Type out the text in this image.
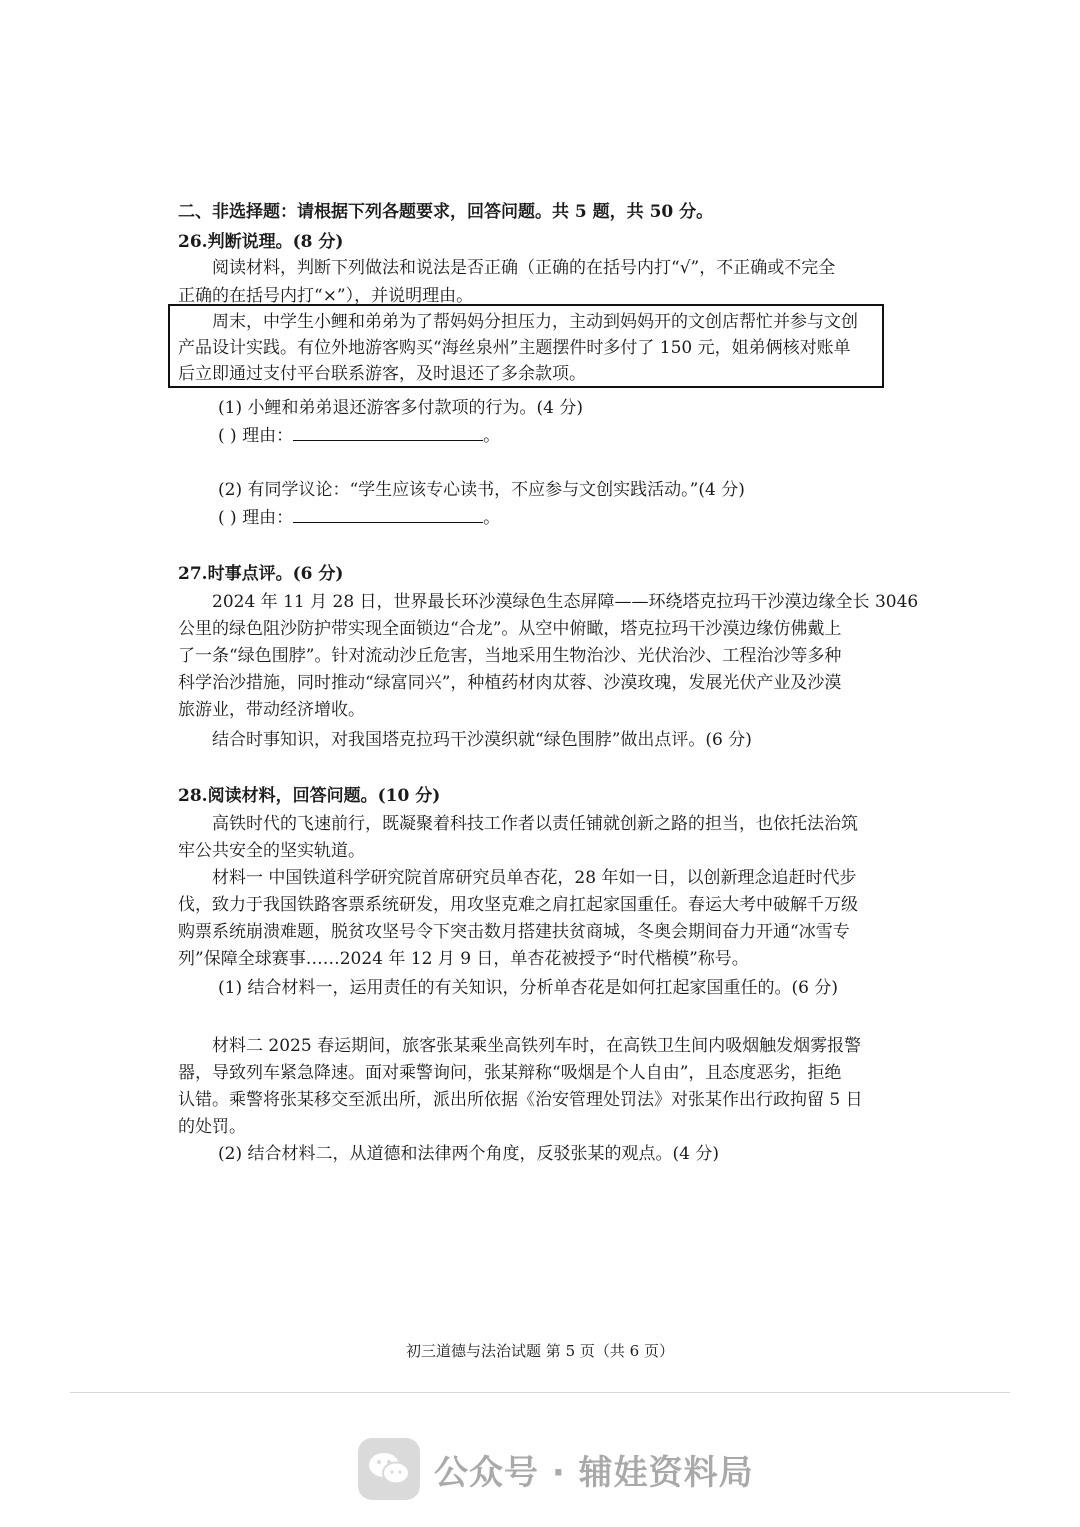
二、非选择题：请根据下列各题要求，回答问题。共 5 题，共 50 分。
26.判断说理。(8 分)
阅读材料，判断下列做法和说法是否正确（正确的在括号内打“√”，不正确或不完全
正确的在括号内打“×”），并说明理由。
周末，中学生小鲤和弟弟为了帮妈妈分担压力，主动到妈妈开的文创店帮忙并参与文创
产品设计实践。有位外地游客购买“海丝泉州”主题摆件时多付了 150 元，姐弟俩核对账单
后立即通过支付平台联系游客，及时退还了多余款项。
(1) 小鲤和弟弟退还游客多付款项的行为。(4 分)
( ) 理由：	。
(2) 有同学议论：“学生应该专心读书，不应参与文创实践活动。”(4 分)
( ) 理由：	。
27.时事点评。(6 分)
2024 年 11 月 28 日，世界最长环沙漠绿色生态屏障——环绕塔克拉玛干沙漠边缘全长 3046
公里的绿色阻沙防护带实现全面锁边“合龙”。从空中俯瞰，塔克拉玛干沙漠边缘仿佛戴上
了一条“绿色围脖”。针对流动沙丘危害，当地采用生物治沙、光伏治沙、工程治沙等多种
科学治沙措施，同时推动“绿富同兴”，种植药材肉苁蓉、沙漠玫瑰，发展光伏产业及沙漠
旅游业，带动经济增收。
结合时事知识，对我国塔克拉玛干沙漠织就“绿色围脖”做出点评。(6 分)
28.阅读材料，回答问题。(10 分)
高铁时代的飞速前行，既凝聚着科技工作者以责任铺就创新之路的担当，也依托法治筑
牢公共安全的坚实轨道。
材料一 中国铁道科学研究院首席研究员单杏花，28 年如一日，以创新理念追赶时代步
伐，致力于我国铁路客票系统研发，用攻坚克难之肩扛起家国重任。春运大考中破解千万级
购票系统崩溃难题，脱贫攻坚号令下突击数月搭建扶贫商城，冬奥会期间奋力开通“冰雪专
列”保障全球赛事……2024 年 12 月 9 日，单杏花被授予“时代楷模”称号。
(1) 结合材料一，运用责任的有关知识，分析单杏花是如何扛起家国重任的。(6 分)
材料二 2025 春运期间，旅客张某乘坐高铁列车时，在高铁卫生间内吸烟触发烟雾报警
器，导致列车紧急降速。面对乘警询问，张某辩称“吸烟是个人自由”，且态度恶劣，拒绝
认错。乘警将张某移交至派出所，派出所依据《治安管理处罚法》对张某作出行政拘留 5 日
的处罚。
(2) 结合材料二，从道德和法律两个角度，反驳张某的观点。(4 分)
初三道德与法治试题 第 5 页（共 6 页）
公众号 · 辅娃资料局
